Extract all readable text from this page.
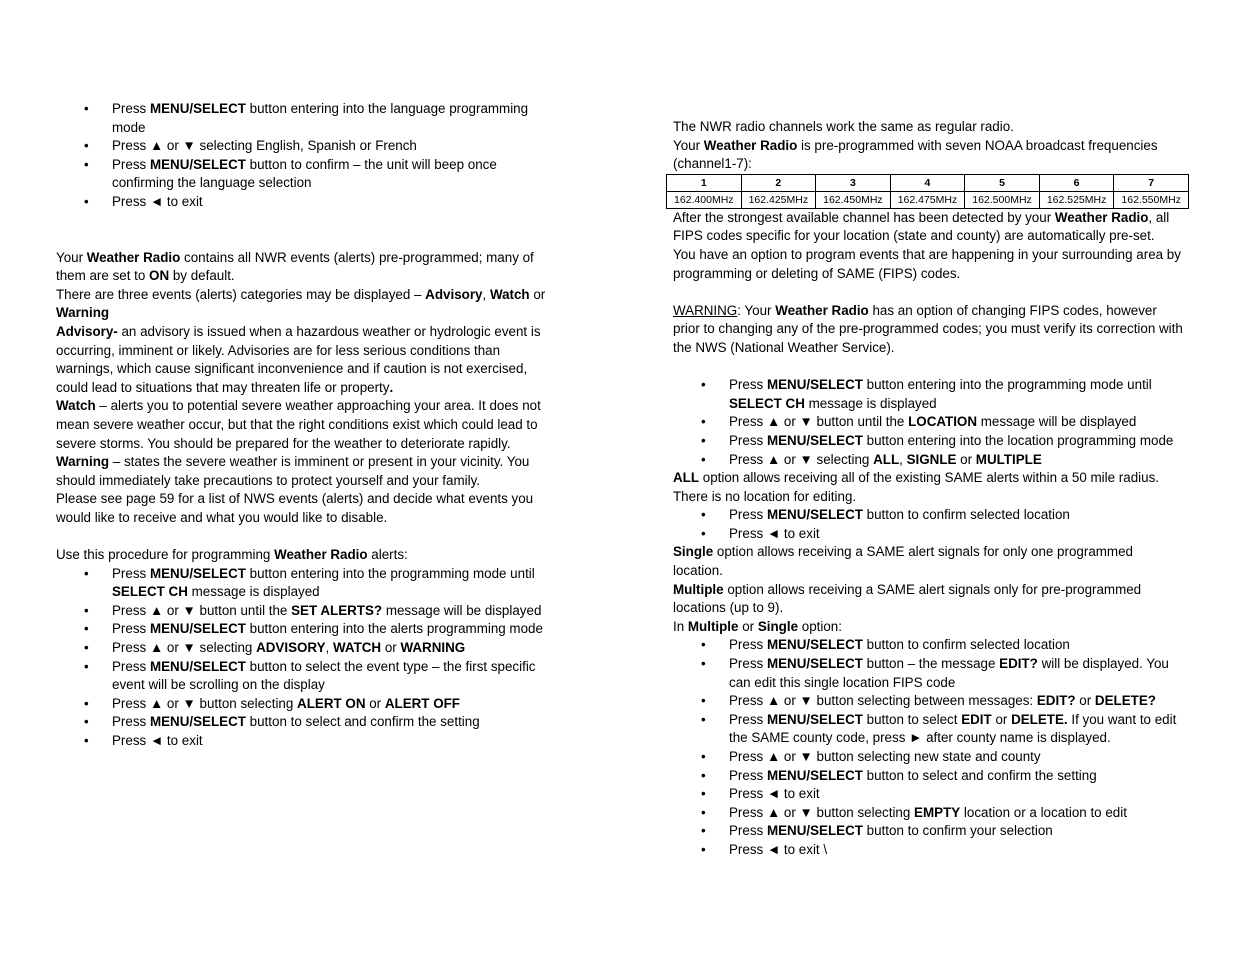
• Press MENU/SELECT button entering into the language programming mode
• Press ▲ or ▼ selecting English, Spanish or French
• Press MENU/SELECT button to confirm – the unit will beep once confirming the language selection
• Press ◄ to exit

Your Weather Radio contains all NWR events (alerts) pre-programmed; many of them are set to ON by default.

There are three events (alerts) categories may be displayed – Advisory, Watch or Warning

Advisory- an advisory is issued when a hazardous weather or hydrologic event is occurring, imminent or likely. Advisories are for less serious conditions than warnings, which cause significant inconvenience and if caution is not exercised, could lead to situations that may threaten life or property.

Watch – alerts you to potential severe weather approaching your area. It does not mean severe weather occur, but that the right conditions exist which could lead to severe storms. You should be prepared for the weather to deteriorate rapidly.

Warning – states the severe weather is imminent or present in your vicinity. You should immediately take precautions to protect yourself and your family.

Please see page 59 for a list of NWS events (alerts) and decide what events you would like to receive and what you would like to disable.

Use this procedure for programming Weather Radio alerts:

• Press MENU/SELECT button entering into the programming mode until SELECT CH message is displayed
• Press ▲ or ▼ button until the SET ALERTS? message will be displayed
• Press MENU/SELECT button entering into the alerts programming mode
• Press ▲ or ▼ selecting ADVISORY, WATCH or WARNING
• Press MENU/SELECT button to select the event type – the first specific event will be scrolling on the display
• Press ▲ or ▼ button selecting ALERT ON or ALERT OFF
• Press MENU/SELECT button to select and confirm the setting
• Press ◄ to exit

The NWR radio channels work the same as regular radio.

Your Weather Radio is pre-programmed with seven NOAA broadcast frequencies (channel1-7):

1	2	3	4	5	6	7
162.400MHz	162.425MHz	162.450MHz	162.475MHz	162.500MHz	162.525MHz	162.550MHz

After the strongest available channel has been detected by your Weather Radio, all FIPS codes specific for your location (state and county) are automatically pre-set.

You have an option to program events that are happening in your surrounding area by programming or deleting of SAME (FIPS) codes.

WARNING: Your Weather Radio has an option of changing FIPS codes, however prior to changing any of the pre-programmed codes; you must verify its correction with the NWS (National Weather Service).

• Press MENU/SELECT button entering into the programming mode until SELECT CH message is displayed
• Press ▲ or ▼ button until the LOCATION message will be displayed
• Press MENU/SELECT button entering into the location programming mode
• Press ▲ or ▼ selecting ALL, SIGNLE or MULTIPLE

ALL option allows receiving all of the existing SAME alerts within a 50 mile radius. There is no location for editing.

• Press MENU/SELECT button to confirm selected location
• Press ◄ to exit

Single option allows receiving a SAME alert signals for only one programmed location.

Multiple option allows receiving a SAME alert signals only for pre-programmed locations (up to 9).

In Multiple or Single option:

• Press MENU/SELECT button to confirm selected location
• Press MENU/SELECT button – the message EDIT? will be displayed. You can edit this single location FIPS code
• Press ▲ or ▼ button selecting between messages: EDIT? or DELETE?
• Press MENU/SELECT button to select EDIT or DELETE. If you want to edit the SAME county code, press ► after county name is displayed.
• Press ▲ or ▼ button selecting new state and county
• Press MENU/SELECT button to select and confirm the setting
• Press ◄ to exit
• Press ▲ or ▼ button selecting EMPTY location or a location to edit
• Press MENU/SELECT button to confirm your selection
• Press ◄ to exit \
